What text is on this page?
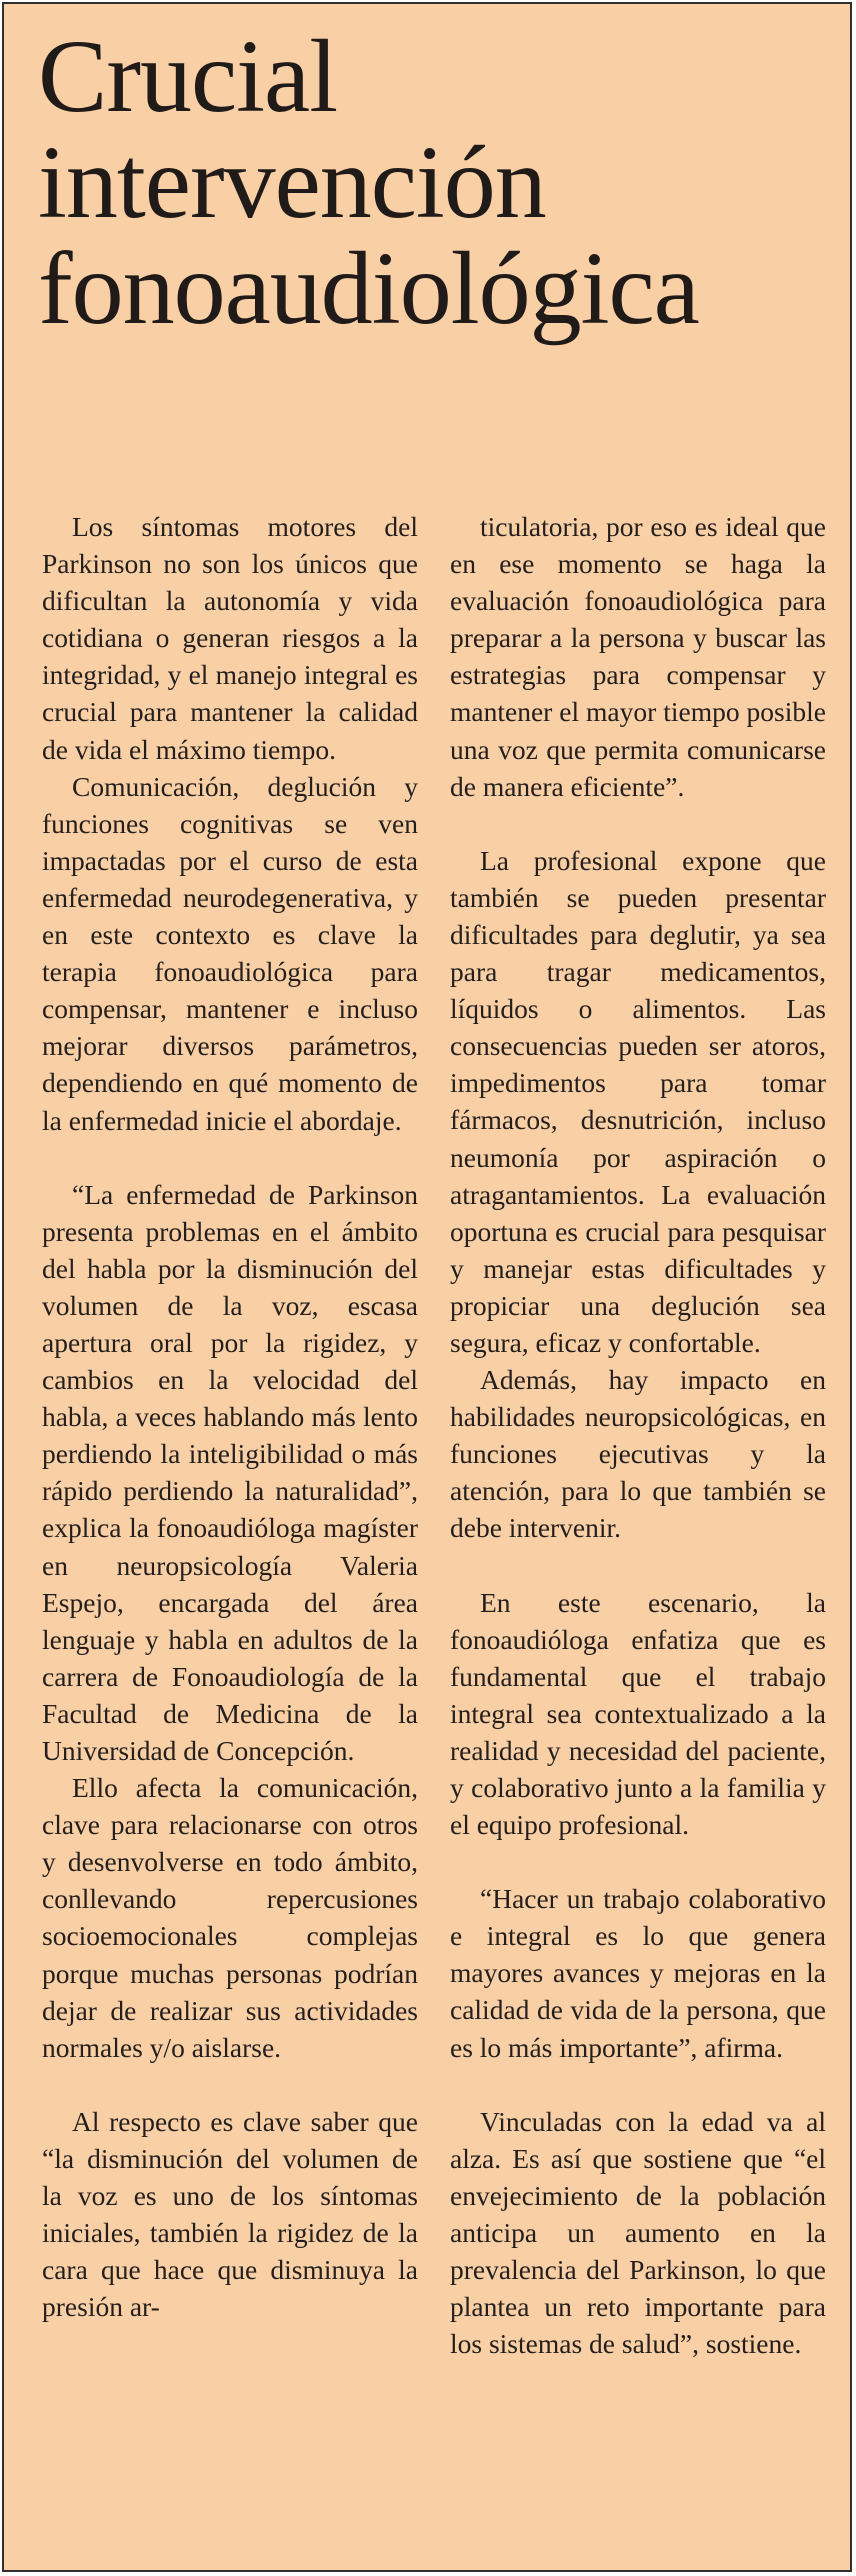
Crucial intervención fonoaudiológica

Los síntomas motores del Parkinson no son los únicos que dificultan la autonomía y vida cotidiana o generan riesgos a la integridad, y el manejo integral es crucial para mantener la calidad de vida el máximo tiempo.

Comunicación, deglución y funciones cognitivas se ven impactadas por el curso de esta enfermedad neurodegenerativa, y en este contexto es clave la terapia fonoaudiológica para compensar, mantener e incluso mejorar diversos parámetros, dependiendo en qué momento de la enfermedad inicie el abordaje.

“La enfermedad de Parkinson presenta problemas en el ámbito del habla por la disminución del volumen de la voz, escasa apertura oral por la rigidez, y cambios en la velocidad del habla, a veces hablando más lento perdiendo la inteligibilidad o más rápido perdiendo la naturalidad”, explica la fonoaudióloga magíster en neuropsicología Valeria Espejo, encargada del área lenguaje y habla en adultos de la carrera de Fonoaudiología de la Facultad de Medicina de la Universidad de Concepción.

Ello afecta la comunicación, clave para relacionarse con otros y desenvolverse en todo ámbito, conllevando repercusiones socioemocionales complejas porque muchas personas podrían dejar de realizar sus actividades normales y/o aislarse.

Al respecto es clave saber que “la disminución del volumen de la voz es uno de los síntomas iniciales, también la rigidez de la cara que hace que disminuya la presión ar-

ticulatoria, por eso es ideal que en ese momento se haga la evaluación fonoaudiológica para preparar a la persona y buscar las estrategias para compensar y mantener el mayor tiempo posible una voz que permita comunicarse de manera eficiente”.

La profesional expone que también se pueden presentar dificultades para deglutir, ya sea para tragar medicamentos, líquidos o alimentos. Las consecuencias pueden ser atoros, impedimentos para tomar fármacos, desnutrición, incluso neumonía por aspiración o atragantamientos. La evaluación oportuna es crucial para pesquisar y manejar estas dificultades y propiciar una deglución sea segura, eficaz y confortable.

Además, hay impacto en habilidades neuropsicológicas, en funciones ejecutivas y la atención, para lo que también se debe intervenir.

En este escenario, la fonoaudióloga enfatiza que es fundamental que el trabajo integral sea contextualizado a la realidad y necesidad del paciente, y colaborativo junto a la familia y el equipo profesional.

“Hacer un trabajo colaborativo e integral es lo que genera mayores avances y mejoras en la calidad de vida de la persona, que es lo más importante”, afirma.

Vinculadas con la edad va al alza. Es así que sostiene que “el envejecimiento de la población anticipa un aumento en la prevalencia del Parkinson, lo que plantea un reto importante para los sistemas de salud”, sostiene.
